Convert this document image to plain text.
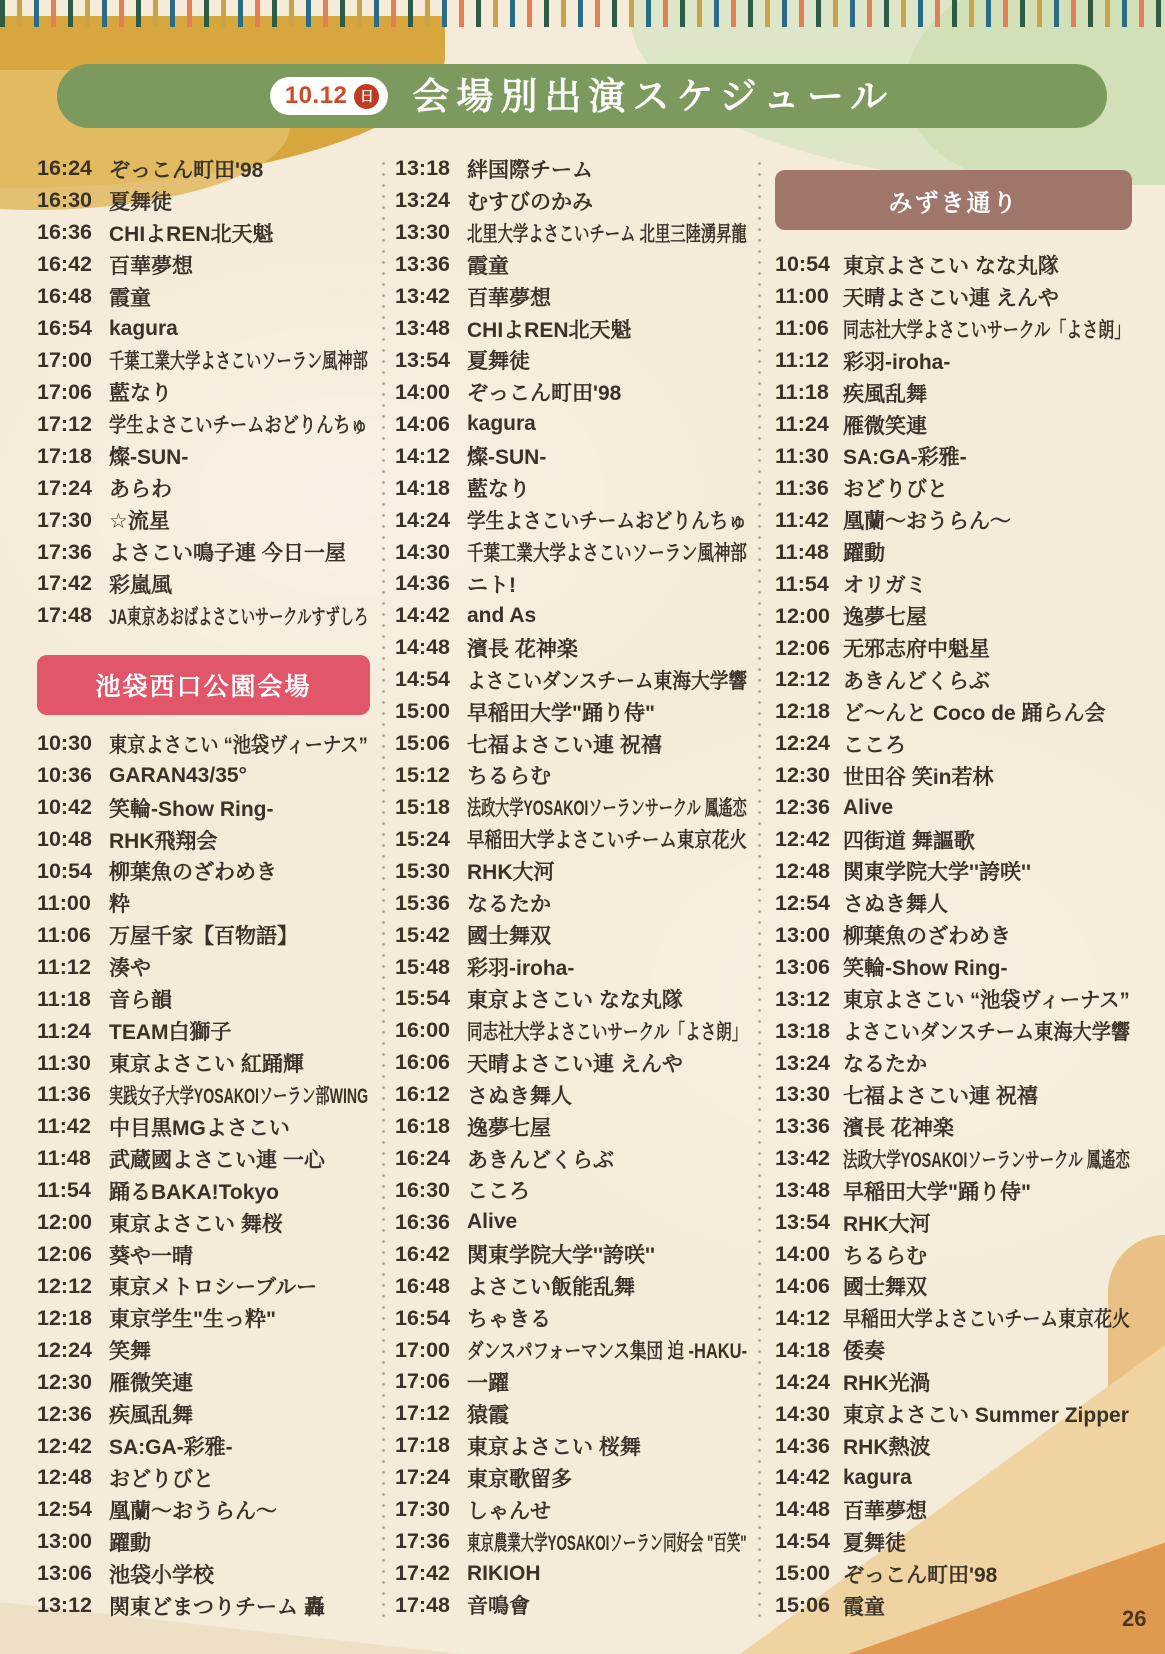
10.12 日 会場別出演スケジュール
16:24 ぞっこん町田'98
16:30 夏舞徒
16:36 CHIよREN北天魁
16:42 百華夢想
16:48 霞童
16:54 kagura
17:00 千葉工業大学よさこいソーラン風神部
17:06 藍なり
17:12 学生よさこいチームおどりんちゅ
17:18 燦-SUN-
17:24 あらわ
17:30 ☆流星
17:36 よさこい鳴子連 今日一屋
17:42 彩嵐風
17:48 JA東京あおばよさこいサークルすずしろ
池袋西口公園会場
10:30 東京よさこい “池袋ヴィーナス”
10:36 GARAN43/35°
10:42 笑輪-Show Ring-
10:48 RHK飛翔会
10:54 柳葉魚のざわめき
11:00 粋
11:06 万屋千家【百物語】
11:12 湊や
11:18 音ら韻
11:24 TEAM白獅子
11:30 東京よさこい 紅踊輝
11:36 実践女子大学YOSAKOIソーラン部WING
11:42 中目黒MGよさこい
11:48 武蔵國よさこい連 一心
11:54 踊るBAKA!Tokyo
12:00 東京よさこい 舞桜
12:06 葵や一晴
12:12 東京メトロシーブルー
12:18 東京学生"生っ粋"
12:24 笑舞
12:30 雁微笑連
12:36 疾風乱舞
12:42 SA:GA-彩雅-
12:48 おどりびと
12:54 凰蘭～おうらん～
13:00 躍動
13:06 池袋小学校
13:12 関東どまつりチーム 轟
13:18 絆国際チーム
13:24 むすびのかみ
13:30 北里大学よさこいチーム 北里三陸湧昇龍
13:36 霞童
13:42 百華夢想
13:48 CHIよREN北天魁
13:54 夏舞徒
14:00 ぞっこん町田'98
14:06 kagura
14:12 燦-SUN-
14:18 藍なり
14:24 学生よさこいチームおどりんちゅ
14:30 千葉工業大学よさこいソーラン風神部
14:36 ニト!
14:42 and As
14:48 濱長 花神楽
14:54 よさこいダンスチーム東海大学響
15:00 早稲田大学"踊り侍"
15:06 七福よさこい連 祝禧
15:12 ちるらむ
15:18 法政大学YOSAKOIソーランサークル 鳳遙恋
15:24 早稲田大学よさこいチーム東京花火
15:30 RHK大河
15:36 なるたか
15:42 國士舞双
15:48 彩羽-iroha-
15:54 東京よさこい なな丸隊
16:00 同志社大学よさこいサークル「よさ朗」
16:06 天晴よさこい連 えんや
16:12 さぬき舞人
16:18 逸夢七屋
16:24 あきんどくらぶ
16:30 こころ
16:36 Alive
16:42 関東学院大学''誇咲''
16:48 よさこい飯能乱舞
16:54 ちゃきる
17:00 ダンスパフォーマンス集団 迫 -HAKU-
17:06 一躍
17:12 猿霞
17:18 東京よさこい 桜舞
17:24 東京歌留多
17:30 しゃんせ
17:36 東京農業大学YOSAKOIソーラン同好会 "百笑"
17:42 RIKIOH
17:48 音鳴會
みずき通り
10:54 東京よさこい なな丸隊
11:00 天晴よさこい連 えんや
11:06 同志社大学よさこいサークル「よさ朗」
11:12 彩羽-iroha-
11:18 疾風乱舞
11:24 雁微笑連
11:30 SA:GA-彩雅-
11:36 おどりびと
11:42 凰蘭～おうらん～
11:48 躍動
11:54 オリガミ
12:00 逸夢七屋
12:06 无邪志府中魁星
12:12 あきんどくらぶ
12:18 ど～んと Coco de 踊らん会
12:24 こころ
12:30 世田谷 笑in若林
12:36 Alive
12:42 四街道 舞謳歌
12:48 関東学院大学''誇咲''
12:54 さぬき舞人
13:00 柳葉魚のざわめき
13:06 笑輪-Show Ring-
13:12 東京よさこい “池袋ヴィーナス”
13:18 よさこいダンスチーム東海大学響
13:24 なるたか
13:30 七福よさこい連 祝禧
13:36 濱長 花神楽
13:42 法政大学YOSAKOIソーランサークル 鳳遙恋
13:48 早稲田大学"踊り侍"
13:54 RHK大河
14:00 ちるらむ
14:06 國士舞双
14:12 早稲田大学よさこいチーム東京花火
14:18 倭奏
14:24 RHK光渦
14:30 東京よさこい Summer Zipper
14:36 RHK熱波
14:42 kagura
14:48 百華夢想
14:54 夏舞徒
15:00 ぞっこん町田'98
15:06 霞童	26
